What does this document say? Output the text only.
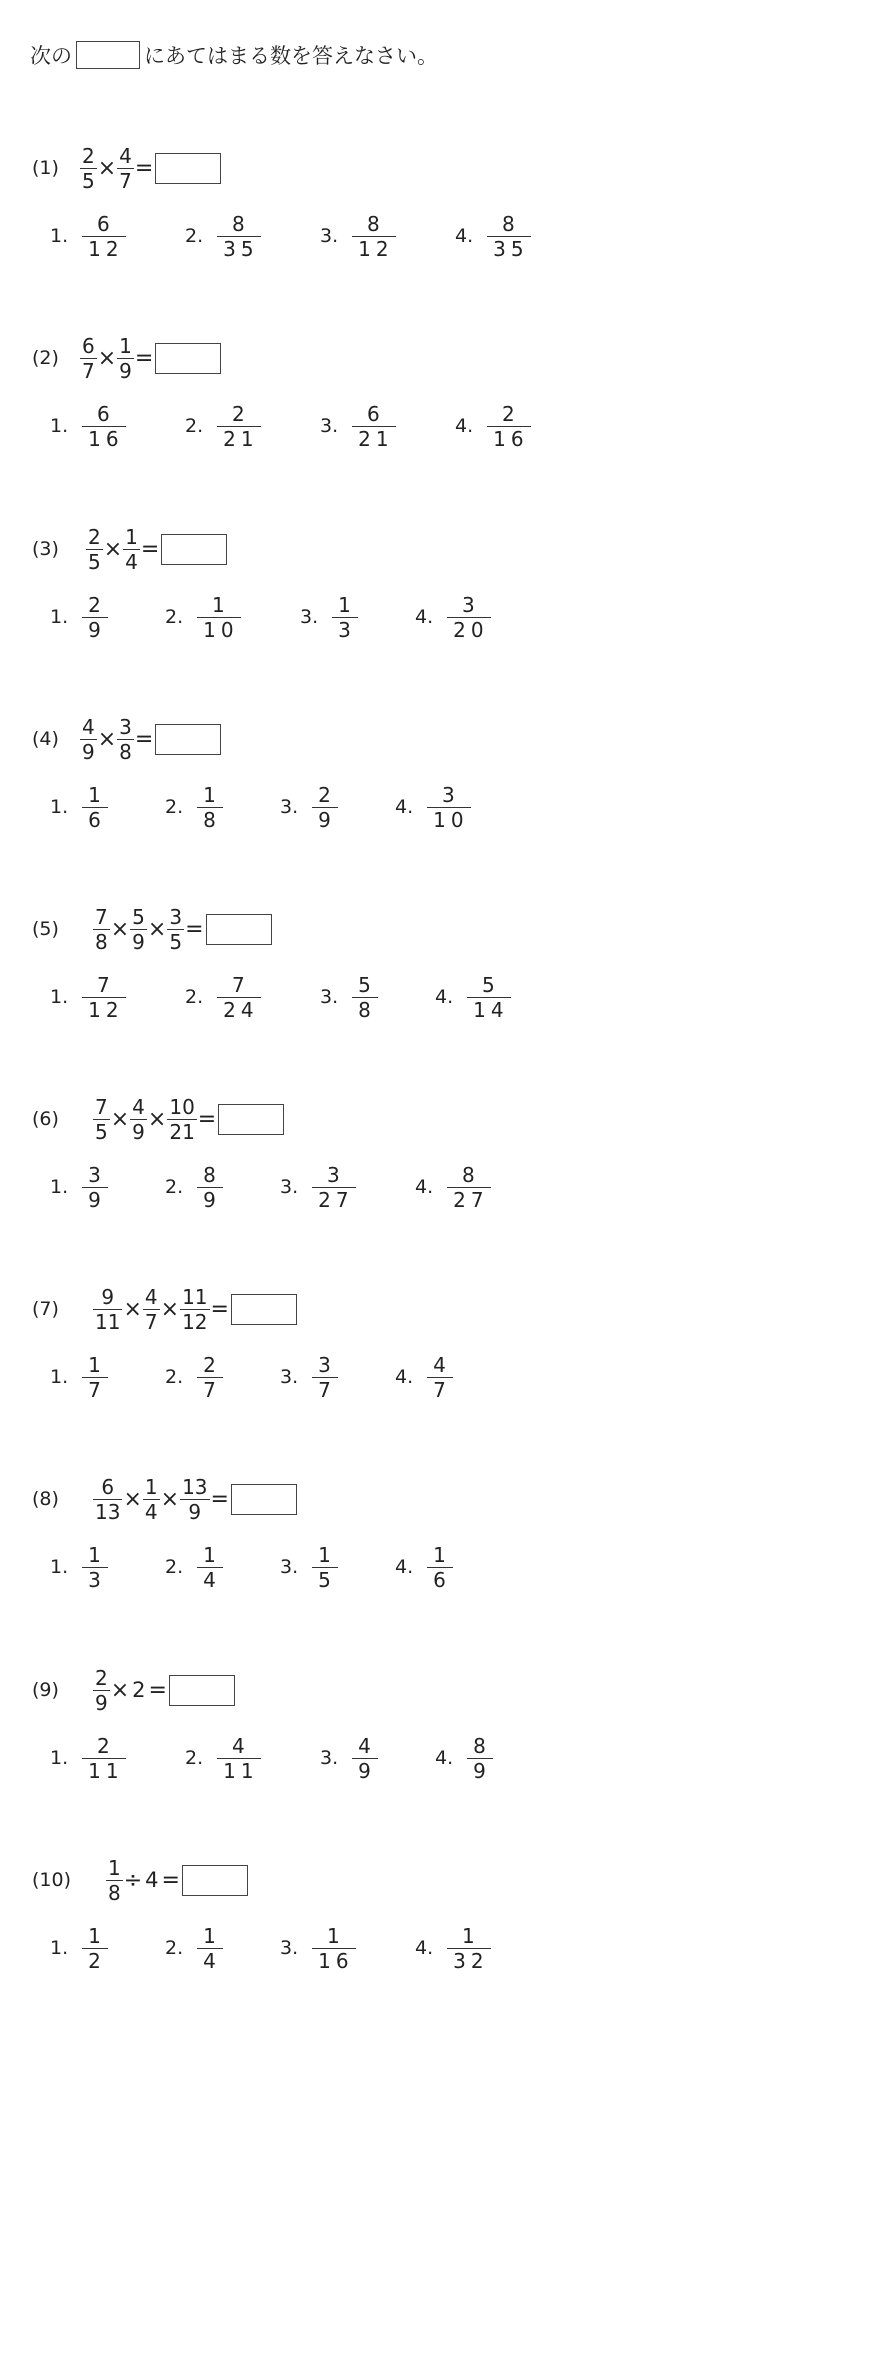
次の	にあてはまる数を答えなさい。
$(1) \frac{2}{5} \times \frac{4}{7}$ =
1. $\frac{6}{12}$	2. $\frac{8}{35}$	3. $\frac{8}{12}$	4. $\frac{8}{35}$
$(2) \frac{6}{7} \times \frac{1}{9}$ =
1. $\frac{6}{16}$	2. $\frac{2}{21}$	3. $\frac{6}{21}$	4. $\frac{2}{16}$
$(3) \frac{2}{5} \times \frac{1}{4}$ =
1. $\frac{2}{9}$	2. $\frac{1}{10}$	3. $\frac{1}{3}$	4. $\frac{3}{20}$
$(4) \frac{4}{9} \times \frac{3}{8}$ =
1. $\frac{1}{6}$	2. $\frac{1}{8}$	3. $\frac{2}{9}$	4. $\frac{3}{10}$
$(5) \frac{7}{8} \times \frac{5}{9} \times \frac{3}{5}$ =
1. $\frac{7}{12}$	2. $\frac{7}{24}$	3. $\frac{5}{8}$	4. $\frac{5}{14}$
$(6) \frac{7}{5} \times \frac{4}{9} \times \frac{10}{21}$ =
1. $\frac{3}{9}$	2. $\frac{8}{9}$	3. $\frac{3}{27}$	4. $\frac{8}{27}$
$(7) \frac{9}{11} \times \frac{4}{7} \times \frac{11}{12}$ =
1. $\frac{1}{7}$	2. $\frac{2}{7}$	3. $\frac{3}{7}$	4. $\frac{4}{7}$
$(8) \frac{6}{13} \times \frac{1}{4} \times \frac{13}{9}$ =
1. $\frac{1}{3}$	2. $\frac{1}{4}$	3. $\frac{1}{5}$	4. $\frac{1}{6}$
$(9) \frac{2}{9} \times 2$ =
1. $\frac{2}{11}$	2. $\frac{4}{11}$	3. $\frac{4}{9}$	4. $\frac{8}{9}$
$(10) \frac{1}{8} \div 4$ =
1. $\frac{1}{2}$	2. $\frac{1}{4}$	3. $\frac{1}{16}$	4. $\frac{1}{32}$
